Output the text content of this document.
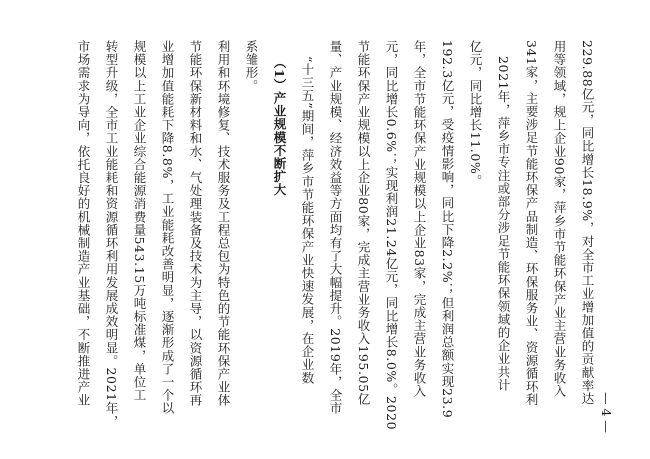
市场需求为导向，依托良好的机械制造产业基础，不断推进产业 转型升级，全市工业能耗和资源循环利用发展成效明显。2021年， 规模以上工业企业综合能源消费量543.15万吨标准煤，单位工 业增加值能耗下降8.8%，工业能耗改善明显，逐渐形成了一个以 节能环保新材料和水、气处理装备及技术为主导，以资源循环再 利用和环境修复、技术服务及工程总包为特色的节能环保产业体 系雏形。 （1）产业规模不断扩大 “十三五”期间，萍乡市节能环保产业快速发展，在企业数 量、产业规模、经济效益等方面均有了大幅提升。2019年，全市 节能环保产业规模以上企业80家，完成主营业务收入195.05亿 元，同比增长0.6%；实现利润21.24亿元，同比增长8.0%。2020 年，全市节能环保产业规模以上企业83家，完成主营业务收入 192.3亿元，受疫情影响，同比下降2.2%；但利润总额实现23.9 亿元，同比增长11.0%。 2021年，萍乡市专注或部分涉足节能环保领域的企业共计 341家，主要涉足节能环保产品制造、环保服务业、资源循环利 用等领域，规上企业90家，萍乡市节能环保产业主营业务收入 229.88亿元，同比增长18.9%，对全市工业增加值的贡献率达
— 4 —
